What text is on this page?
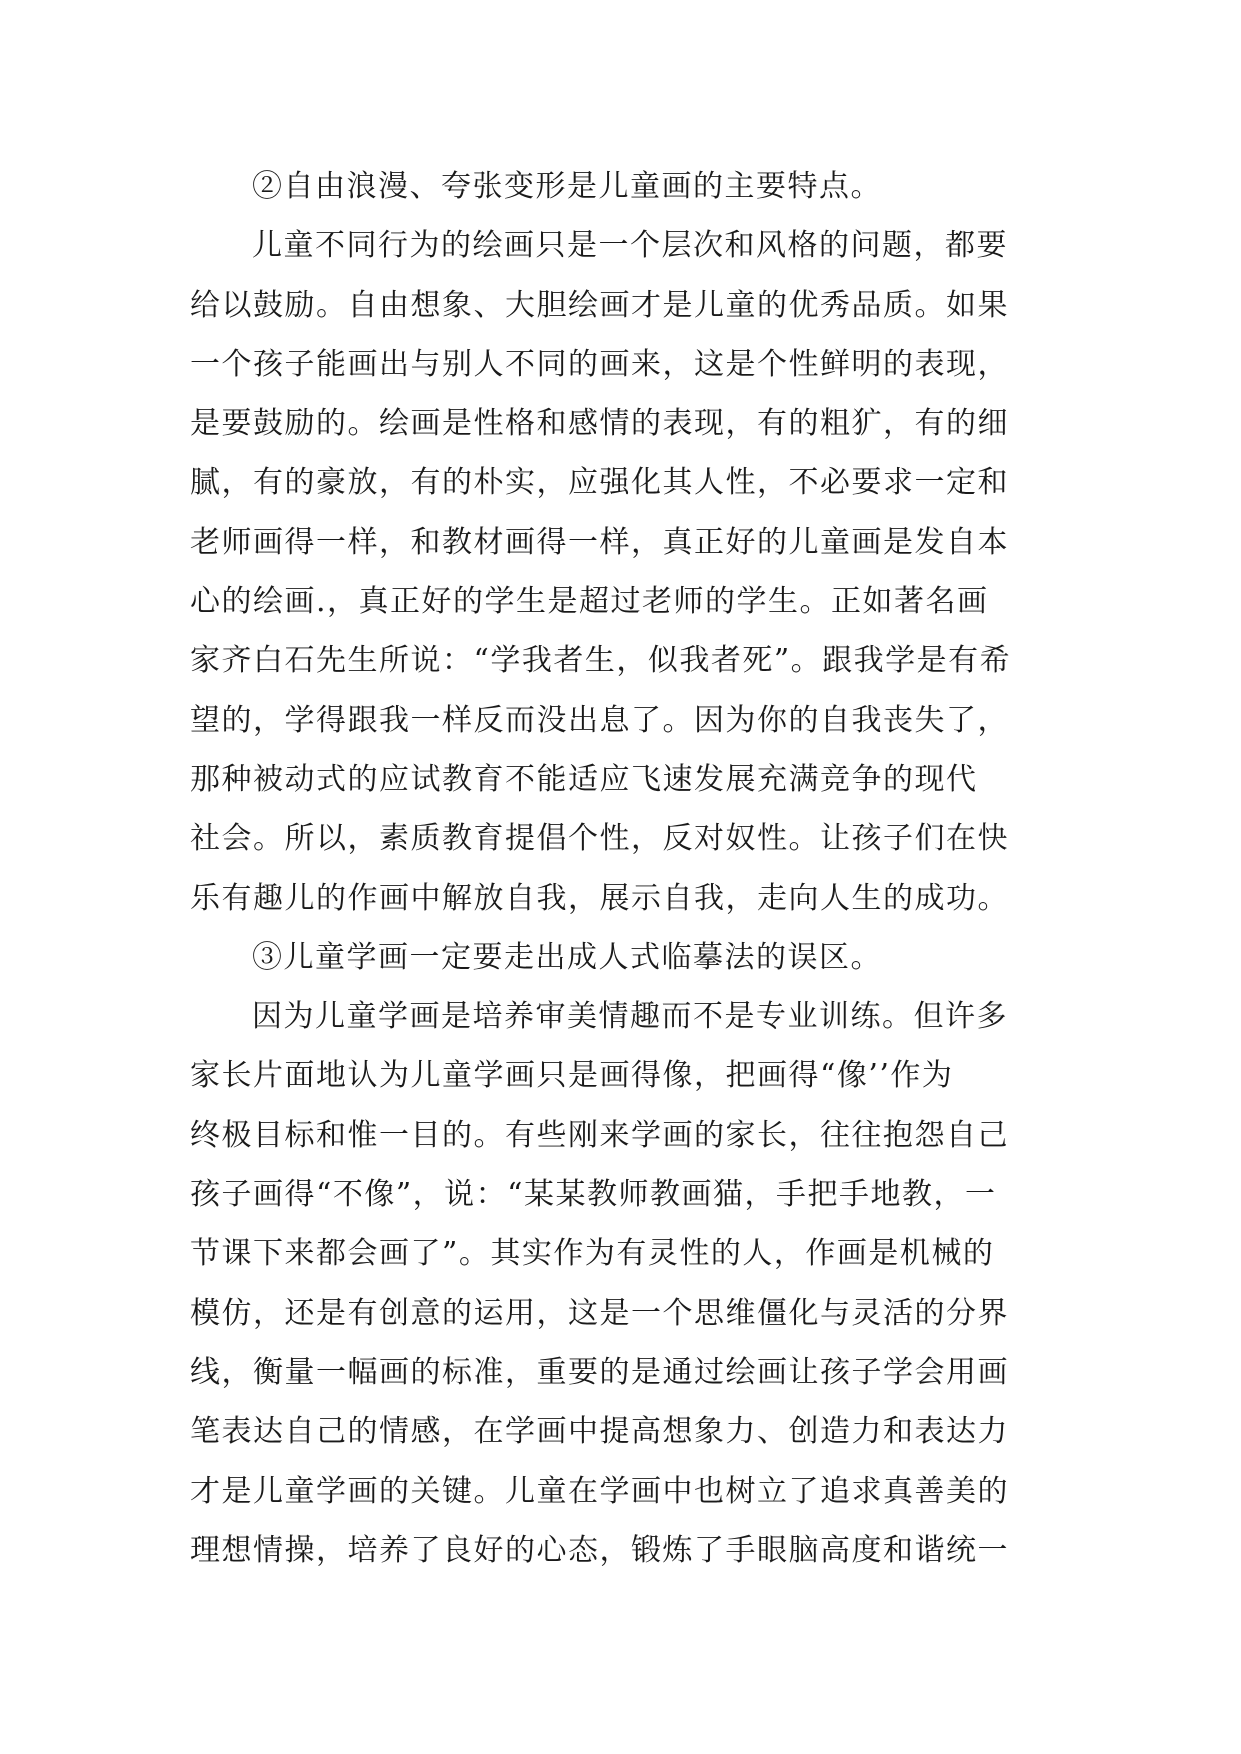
②自由浪漫、夸张变形是儿童画的主要特点。
儿童不同行为的绘画只是一个层次和风格的问题，都要
给以鼓励。自由想象、大胆绘画才是儿童的优秀品质。如果
一个孩子能画出与别人不同的画来，这是个性鲜明的表现，
是要鼓励的。绘画是性格和感情的表现，有的粗犷，有的细
腻，有的豪放，有的朴实，应强化其人性，不必要求一定和
老师画得一样，和教材画得一样，真正好的儿童画是发自本
心的绘画.，真正好的学生是超过老师的学生。正如著名画
家齐白石先生所说：“学我者生，似我者死”。跟我学是有希
望的，学得跟我一样反而没出息了。因为你的自我丧失了，
那种被动式的应试教育不能适应飞速发展充满竞争的现代
社会。所以，素质教育提倡个性，反对奴性。让孩子们在快
乐有趣儿的作画中解放自我，展示自我，走向人生的成功。
③儿童学画一定要走出成人式临摹法的误区。
因为儿童学画是培养审美情趣而不是专业训练。但许多
家长片面地认为儿童学画只是画得像，把画得“像’’作为
终极目标和惟一目的。有些刚来学画的家长，往往抱怨自己
孩子画得“不像”，说：“某某教师教画猫，手把手地教，一
节课下来都会画了”。其实作为有灵性的人，作画是机械的
模仿，还是有创意的运用，这是一个思维僵化与灵活的分界
线，衡量一幅画的标准，重要的是通过绘画让孩子学会用画
笔表达自己的情感，在学画中提高想象力、创造力和表达力
才是儿童学画的关键。儿童在学画中也树立了追求真善美的
理想情操，培养了良好的心态，锻炼了手眼脑高度和谐统一
